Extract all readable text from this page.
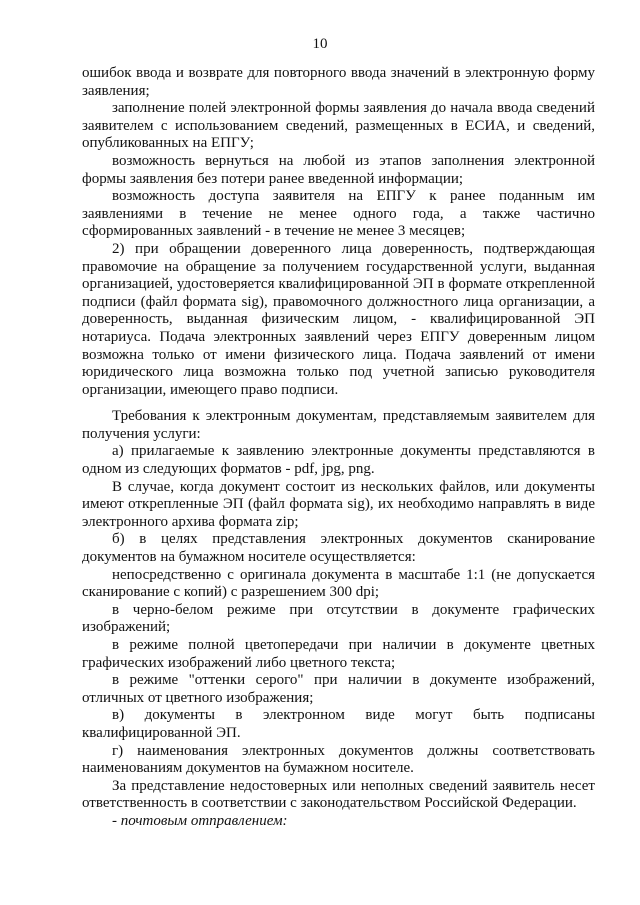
10

ошибок ввода и возврате для повторного ввода значений в электронную форму заявления;

заполнение полей электронной формы заявления до начала ввода сведений заявителем с использованием сведений, размещенных в ЕСИА, и сведений, опубликованных на ЕПГУ;

возможность вернуться на любой из этапов заполнения электронной формы заявления без потери ранее введенной информации;

возможность доступа заявителя на ЕПГУ к ранее поданным им заявлениями в течение не менее одного года, а также частично сформированных заявлений - в течение не менее 3 месяцев;

2) при обращении доверенного лица доверенность, подтверждающая правомочие на обращение за получением государственной услуги, выданная организацией, удостоверяется квалифицированной ЭП в формате открепленной подписи (файл формата sig), правомочного должностного лица организации, а доверенность, выданная физическим лицом, - квалифицированной ЭП нотариуса. Подача электронных заявлений через ЕПГУ доверенным лицом возможна только от имени физического лица. Подача заявлений от имени юридического лица возможна только под учетной записью руководителя организации, имеющего право подписи.

Требования к электронным документам, представляемым заявителем для получения услуги:

а) прилагаемые к заявлению электронные документы представляются в одном из следующих форматов - pdf, jpg, png.

В случае, когда документ состоит из нескольких файлов, или документы имеют открепленные ЭП (файл формата sig), их необходимо направлять в виде электронного архива формата zip;

б) в целях представления электронных документов сканирование документов на бумажном носителе осуществляется:

непосредственно с оригинала документа в масштабе 1:1 (не допускается сканирование с копий) с разрешением 300 dpi;

в черно-белом режиме при отсутствии в документе графических изображений;

в режиме полной цветопередачи при наличии в документе цветных графических изображений либо цветного текста;

в режиме "оттенки серого" при наличии в документе изображений, отличных от цветного изображения;

в) документы в электронном виде могут быть подписаны квалифицированной ЭП.

г) наименования электронных документов должны соответствовать наименованиям документов на бумажном носителе.

За представление недостоверных или неполных сведений заявитель несет ответственность в соответствии с законодательством Российской Федерации.

- почтовым отправлением:
